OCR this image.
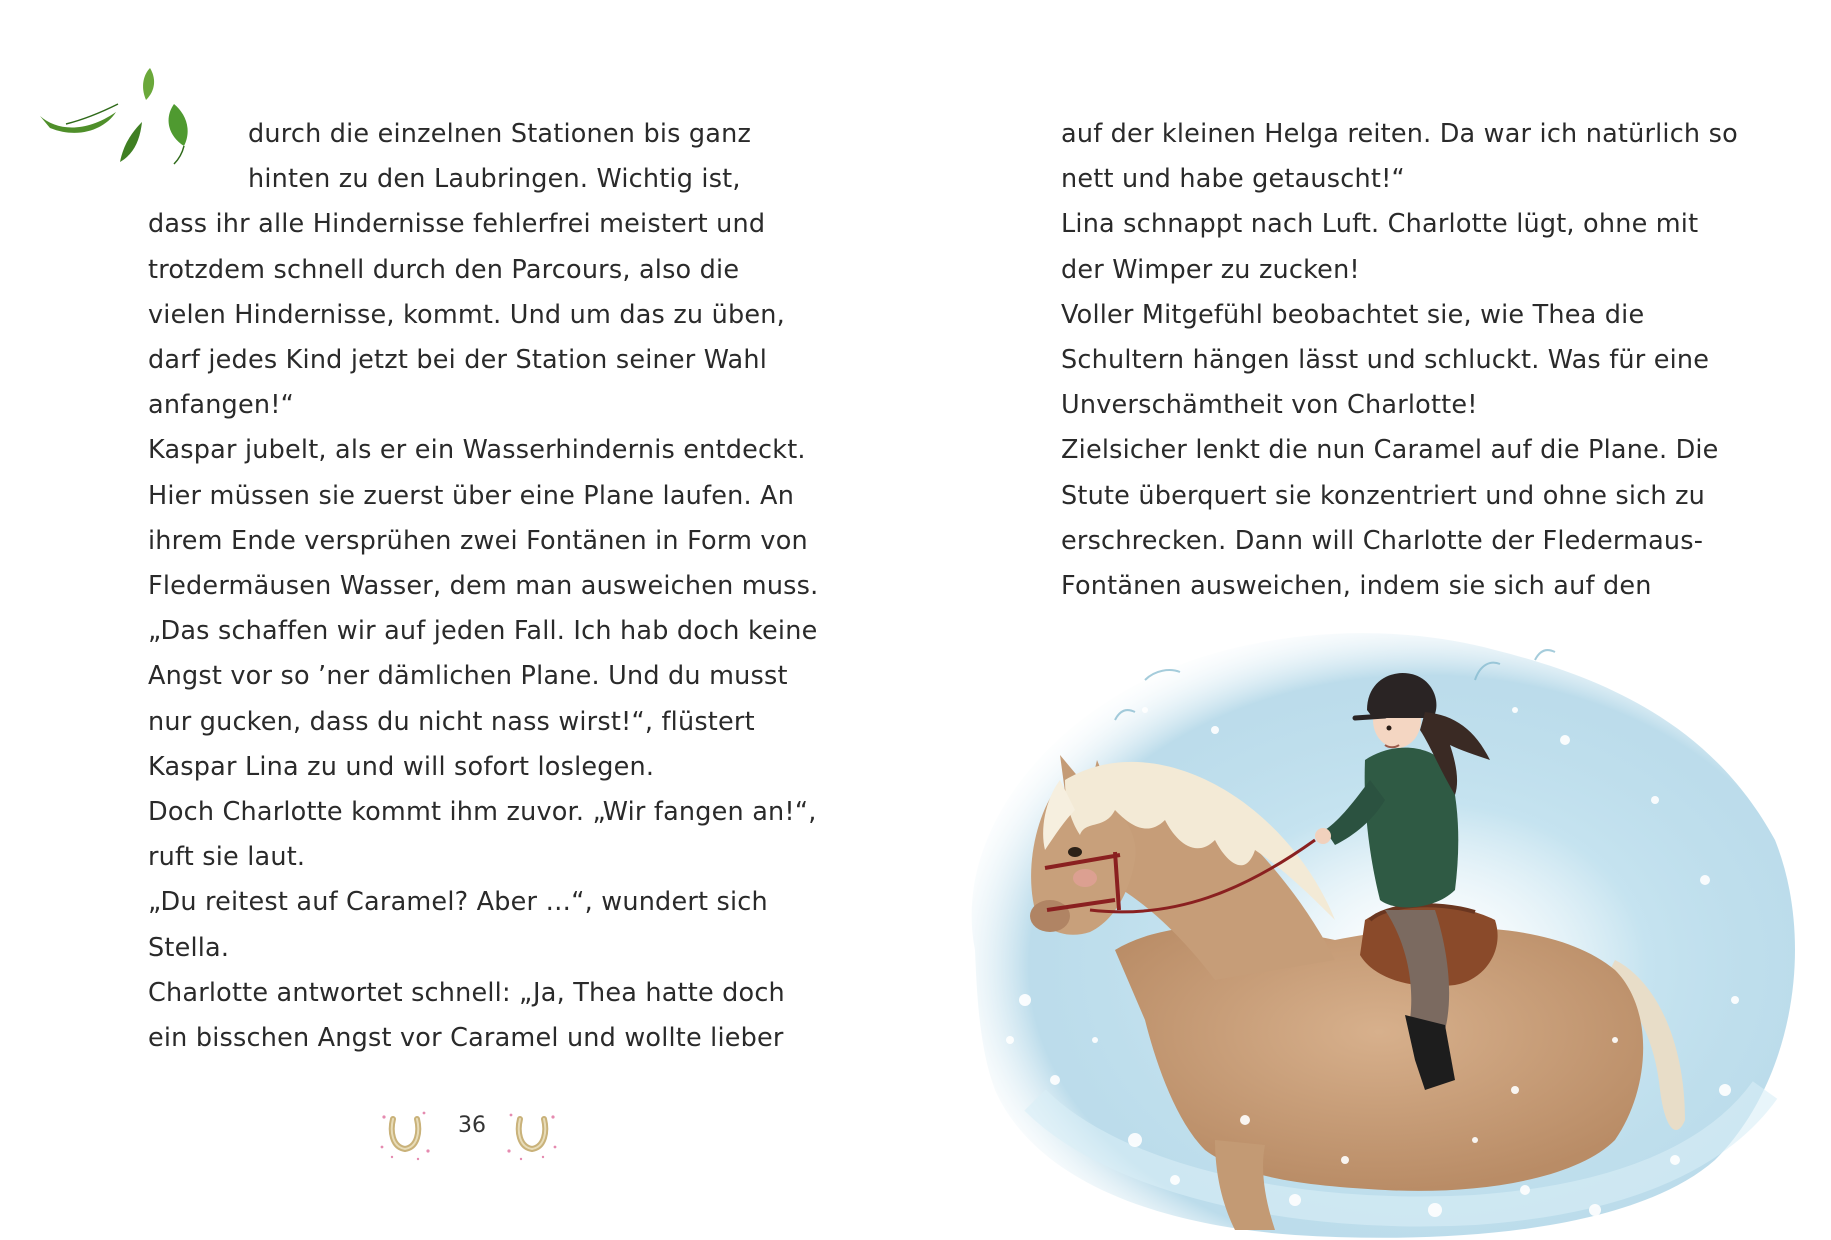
durch die einzelnen Stationen bis ganz
hinten zu den Laubringen. Wichtig ist,
dass ihr alle Hindernisse fehlerfrei meistert und
trotzdem schnell durch den Parcours, also die
vielen Hindernisse, kommt. Und um das zu üben,
darf jedes Kind jetzt bei der Station seiner Wahl
anfangen!“
Kaspar jubelt, als er ein Wasserhindernis entdeckt.
Hier müssen sie zuerst über eine Plane laufen. An
ihrem Ende versprühen zwei Fontänen in Form von
Fledermäusen Wasser, dem man ausweichen muss.
„Das schaffen wir auf jeden Fall. Ich hab doch keine
Angst vor so ’ner dämlichen Plane. Und du musst
nur gucken, dass du nicht nass wirst!“, flüstert
Kaspar Lina zu und will sofort loslegen.
Doch Charlotte kommt ihm zuvor. „Wir fangen an!“,
ruft sie laut.
„Du reitest auf Caramel? Aber …“, wundert sich
Stella.
Charlotte antwortet schnell: „Ja, Thea hatte doch
ein bisschen Angst vor Caramel und wollte lieber
36
auf der kleinen Helga reiten. Da war ich natürlich so
nett und habe getauscht!“
Lina schnappt nach Luft. Charlotte lügt, ohne mit
der Wimper zu zucken!
Voller Mitgefühl beobachtet sie, wie Thea die
Schultern hängen lässt und schluckt. Was für eine
Unverschämtheit von Charlotte!
Zielsicher lenkt die nun Caramel auf die Plane. Die
Stute überquert sie konzentriert und ohne sich zu
erschrecken. Dann will Charlotte der Fledermaus-
Fontänen ausweichen, indem sie sich auf den
